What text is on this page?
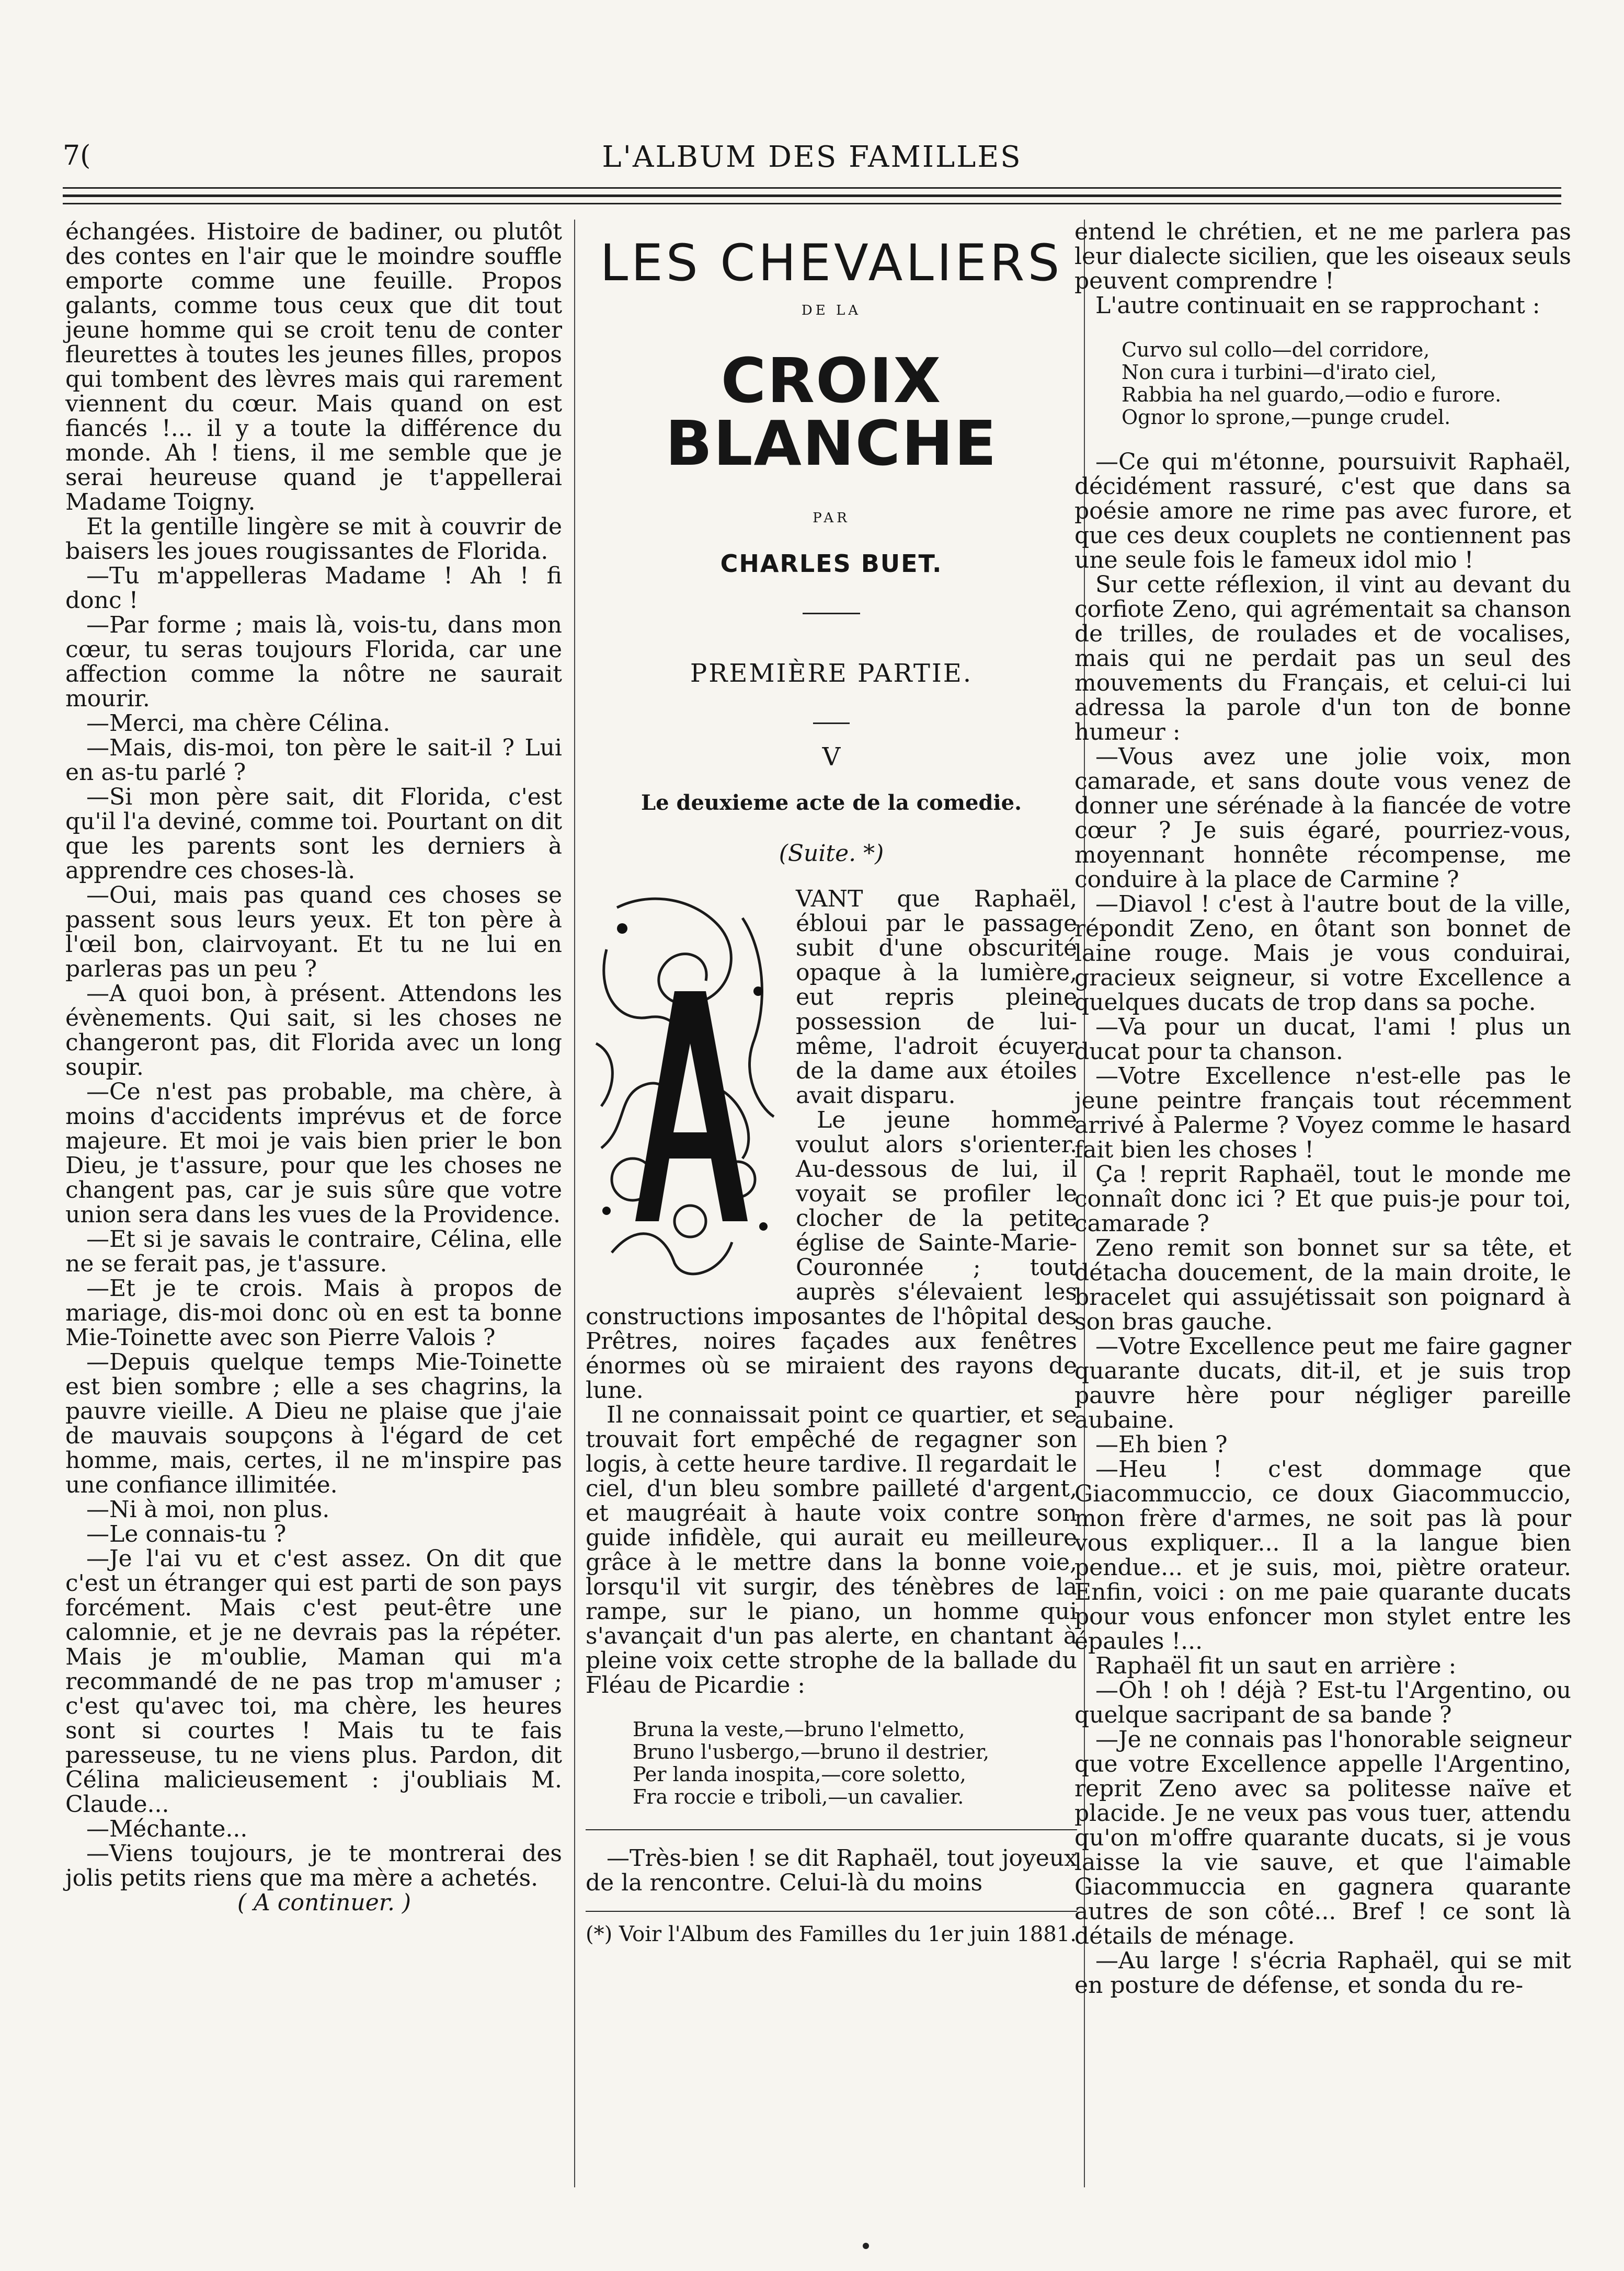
7(	L'ALBUM DES FAMILLES

échangées. Histoire de badiner, ou plutôt des contes en l'air que le moindre souffle emporte comme une feuille. Propos galants, comme tous ceux que dit tout jeune homme qui se croit tenu de conter fleurettes à toutes les jeunes filles, propos qui tombent des lèvres mais qui rarement viennent du cœur. Mais quand on est fiancés !... il y a toute la différence du monde. Ah ! tiens, il me semble que je serai heureuse quand je t'appellerai Madame Toigny.

Et la gentille lingère se mit à couvrir de baisers les joues rougissantes de Florida.

—Tu m'appelleras Madame ! Ah ! fi donc !

—Par forme ; mais là, vois-tu, dans mon cœur, tu seras toujours Florida, car une affection comme la nôtre ne saurait mourir.

—Merci, ma chère Célina.

—Mais, dis-moi, ton père le sait-il ? Lui en as-tu parlé ?

—Si mon père sait, dit Florida, c'est qu'il l'a deviné, comme toi. Pourtant on dit que les parents sont les derniers à apprendre ces choses-là.

—Oui, mais pas quand ces choses se passent sous leurs yeux. Et ton père à l'œil bon, clairvoyant. Et tu ne lui en parleras pas un peu ?

—A quoi bon, à présent. Attendons les évènements. Qui sait, si les choses ne changeront pas, dit Florida avec un long soupir.

—Ce n'est pas probable, ma chère, à moins d'accidents imprévus et de force majeure. Et moi je vais bien prier le bon Dieu, je t'assure, pour que les choses ne changent pas, car je suis sûre que votre union sera dans les vues de la Providence.

—Et si je savais le contraire, Célina, elle ne se ferait pas, je t'assure.

—Et je te crois. Mais à propos de mariage, dis-moi donc où en est ta bonne Mie-Toinette avec son Pierre Valois ?

—Depuis quelque temps Mie-Toinette est bien sombre ; elle a ses chagrins, la pauvre vieille. A Dieu ne plaise que j'aie de mauvais soupçons à l'égard de cet homme, mais, certes, il ne m'inspire pas une confiance illimitée.

—Ni à moi, non plus.

—Le connais-tu ?

—Je l'ai vu et c'est assez. On dit que c'est un étranger qui est parti de son pays forcément. Mais c'est peut-être une calomnie, et je ne devrais pas la répéter. Mais je m'oublie, Maman qui m'a recommandé de ne pas trop m'amuser ; c'est qu'avec toi, ma chère, les heures sont si courtes ! Mais tu te fais paresseuse, tu ne viens plus. Pardon, dit Célina malicieusement : j'oubliais M. Claude...

—Méchante...

—Viens toujours, je te montrerai des jolis petits riens que ma mère a achetés.

( A continuer. )

LES CHEVALIERS
DE LA
CROIX BLANCHE
PAR
CHARLES BUET.
PREMIÈRE PARTIE.
V
Le deuxieme acte de la comedie.
(Suite. *)

VANT que Raphaël, ébloui par le passage subit d'une obscurité opaque à la lumière, eut repris pleine possession de lui-même, l'adroit écuyer de la dame aux étoiles avait disparu.

Le jeune homme voulut alors s'orienter. Au-dessous de lui, il voyait se profiler le clocher de la petite église de Sainte-Marie-Couronnée ; tout auprès s'élevaient les constructions imposantes de l'hôpital des Prêtres, noires façades aux fenêtres énormes où se miraient des rayons de lune.

Il ne connaissait point ce quartier, et se trouvait fort empêché de regagner son logis, à cette heure tardive. Il regardait le ciel, d'un bleu sombre pailleté d'argent, et maugréait à haute voix contre son guide infidèle, qui aurait eu meilleure grâce à le mettre dans la bonne voie, lorsqu'il vit surgir, des ténèbres de la rampe, sur le piano, un homme qui s'avançait d'un pas alerte, en chantant à pleine voix cette strophe de la ballade du Fléau de Picardie :

Bruna la veste,—bruno l'elmetto,
Bruno l'usbergo,—bruno il destrier,
Per landa inospita,—core soletto,
Fra roccie e triboli,—un cavalier.

—Très-bien ! se dit Raphaël, tout joyeux de la rencontre. Celui-là du moins

(*) Voir l'Album des Familles du 1er juin 1881.

entend le chrétien, et ne me parlera pas leur dialecte sicilien, que les oiseaux seuls peuvent comprendre !

L'autre continuait en se rapprochant :

Curvo sul collo—del corridore,
Non cura i turbini—d'irato ciel,
Rabbia ha nel guardo,—odio e furore.
Ognor lo sprone,—punge crudel.

—Ce qui m'étonne, poursuivit Raphaël, décidément rassuré, c'est que dans sa poésie amore ne rime pas avec furore, et que ces deux couplets ne contiennent pas une seule fois le fameux idol mio !

Sur cette réflexion, il vint au devant du corfiote Zeno, qui agrémentait sa chanson de trilles, de roulades et de vocalises, mais qui ne perdait pas un seul des mouvements du Français, et celui-ci lui adressa la parole d'un ton de bonne humeur :

—Vous avez une jolie voix, mon camarade, et sans doute vous venez de donner une sérénade à la fiancée de votre cœur ? Je suis égaré, pourriez-vous, moyennant honnête récompense, me conduire à la place de Carmine ?

—Diavol ! c'est à l'autre bout de la ville, répondit Zeno, en ôtant son bonnet de laine rouge. Mais je vous conduirai, gracieux seigneur, si votre Excellence a quelques ducats de trop dans sa poche.

—Va pour un ducat, l'ami ! plus un ducat pour ta chanson.

—Votre Excellence n'est-elle pas le jeune peintre français tout récemment arrivé à Palerme ? Voyez comme le hasard fait bien les choses !

Ça ! reprit Raphaël, tout le monde me connaît donc ici ? Et que puis-je pour toi, camarade ?

Zeno remit son bonnet sur sa tête, et détacha doucement, de la main droite, le bracelet qui assujétissait son poignard à son bras gauche.

—Votre Excellence peut me faire gagner quarante ducats, dit-il, et je suis trop pauvre hère pour négliger pareille aubaine.

—Eh bien ?

—Heu ! c'est dommage que Giacommuccio, ce doux Giacommuccio, mon frère d'armes, ne soit pas là pour vous expliquer... Il a la langue bien pendue... et je suis, moi, piètre orateur. Enfin, voici : on me paie quarante ducats pour vous enfoncer mon stylet entre les épaules !...

Raphaël fit un saut en arrière :

—Oh ! oh ! déjà ? Est-tu l'Argentino, ou quelque sacripant de sa bande ?

—Je ne connais pas l'honorable seigneur que votre Excellence appelle l'Argentino, reprit Zeno avec sa politesse naïve et placide. Je ne veux pas vous tuer, attendu qu'on m'offre quarante ducats, si je vous laisse la vie sauve, et que l'aimable Giacommuccia en gagnera quarante autres de son côté... Bref ! ce sont là détails de ménage.

—Au large ! s'écria Raphaël, qui se mit en posture de défense, et sonda du re-
